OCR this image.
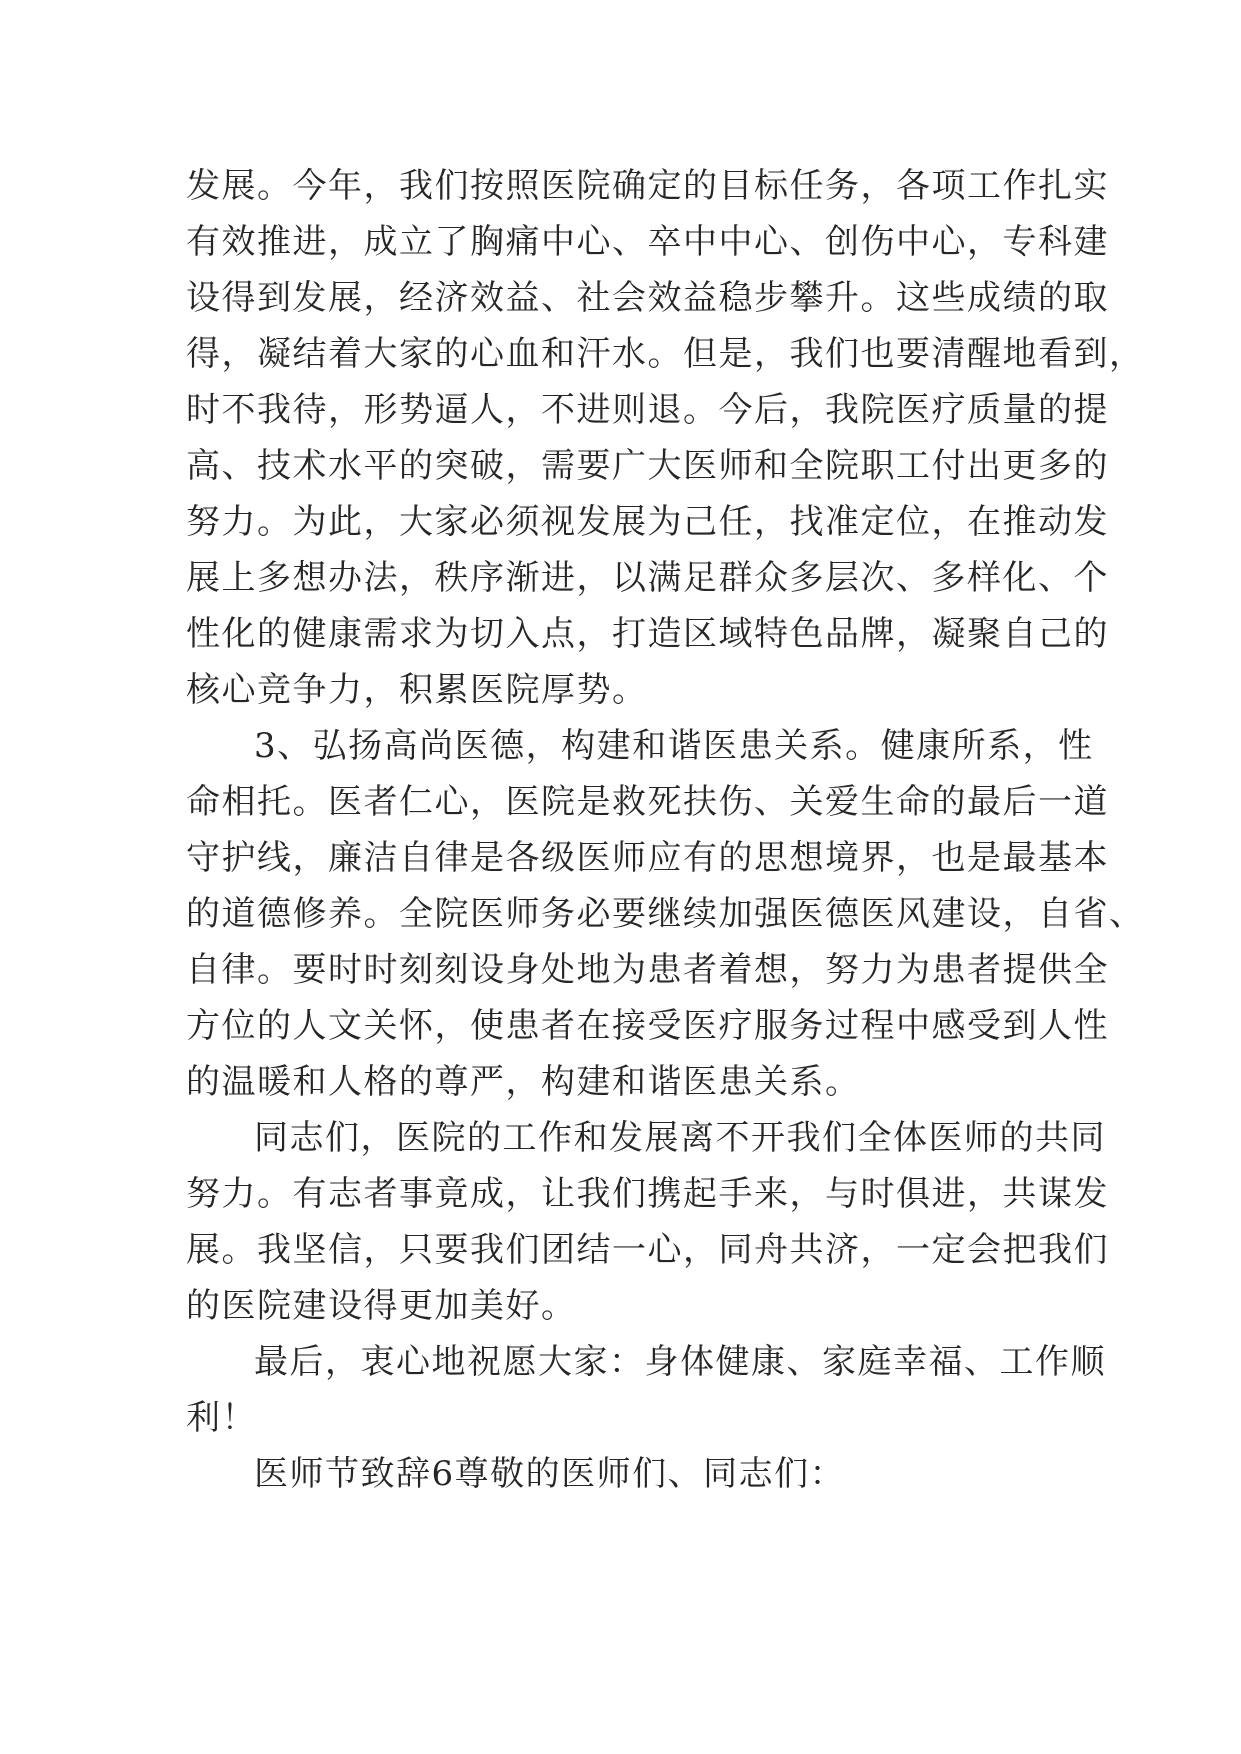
发展。今年，我们按照医院确定的目标任务，各项工作扎实
有效推进，成立了胸痛中心、卒中中心、创伤中心，专科建
设得到发展，经济效益、社会效益稳步攀升。这些成绩的取
得，凝结着大家的心血和汗水。但是，我们也要清醒地看到，
时不我待，形势逼人，不进则退。今后，我院医疗质量的提
高、技术水平的突破，需要广大医师和全院职工付出更多的
努力。为此，大家必须视发展为己任，找准定位，在推动发
展上多想办法，秩序渐进，以满足群众多层次、多样化、个
性化的健康需求为切入点，打造区域特色品牌，凝聚自己的
核心竞争力，积累医院厚势。
3、弘扬高尚医德，构建和谐医患关系。健康所系，性
命相托。医者仁心，医院是救死扶伤、关爱生命的最后一道
守护线，廉洁自律是各级医师应有的思想境界，也是最基本
的道德修养。全院医师务必要继续加强医德医风建设，自省、
自律。要时时刻刻设身处地为患者着想，努力为患者提供全
方位的人文关怀，使患者在接受医疗服务过程中感受到人性
的温暖和人格的尊严，构建和谐医患关系。
同志们，医院的工作和发展离不开我们全体医师的共同
努力。有志者事竟成，让我们携起手来，与时俱进，共谋发
展。我坚信，只要我们团结一心，同舟共济，一定会把我们
的医院建设得更加美好。
最后，衷心地祝愿大家：身体健康、家庭幸福、工作顺
利！
医师节致辞6尊敬的医师们、同志们：
